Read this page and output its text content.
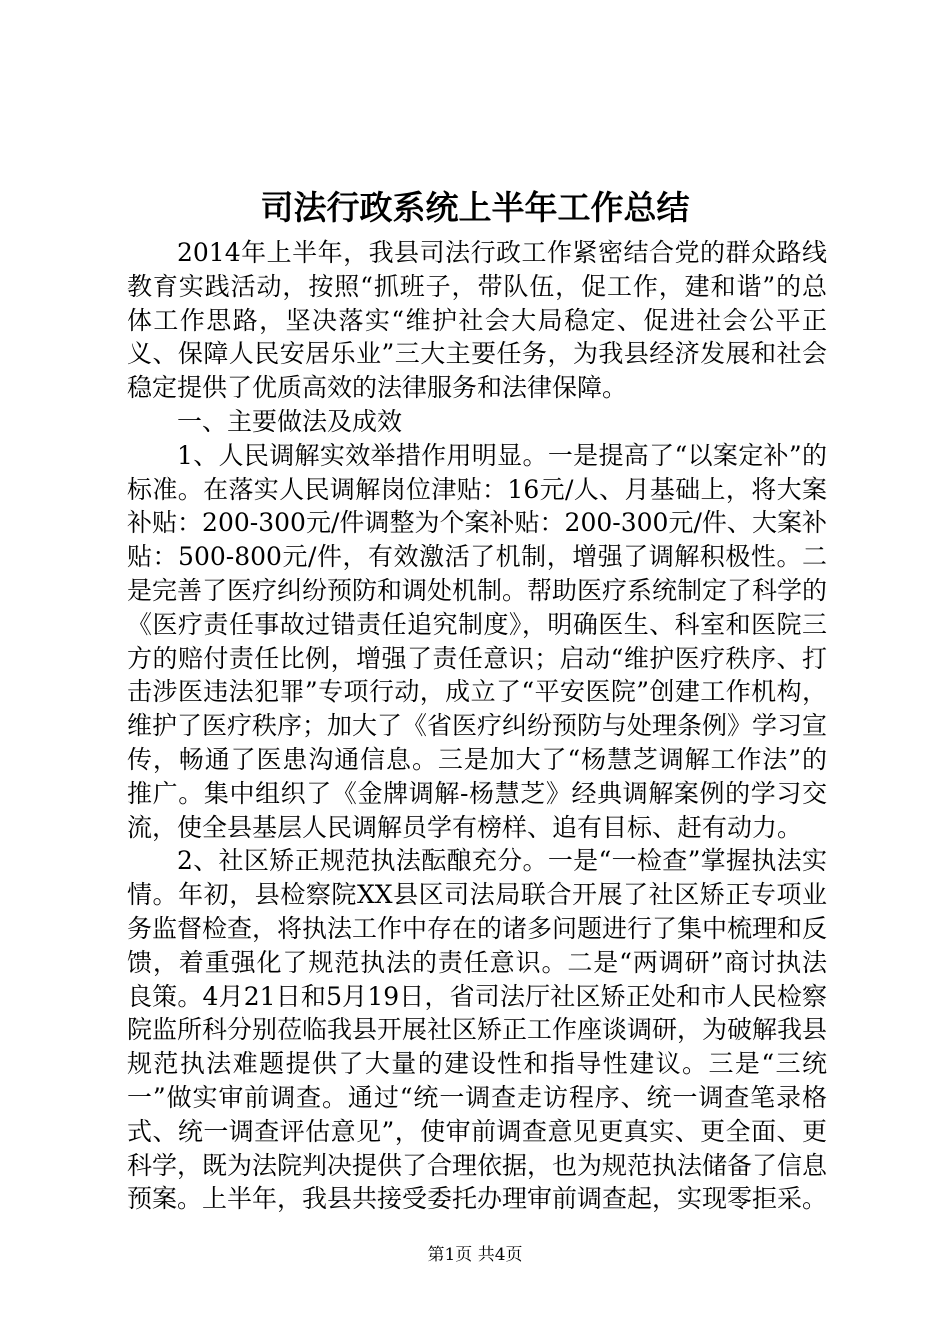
司法行政系统上半年工作总结

2014年上半年，我县司法行政工作紧密结合党的群众路线教育实践活动，按照“抓班子，带队伍，促工作，建和谐”的总体工作思路，坚决落实“维护社会大局稳定、促进社会公平正义、保障人民安居乐业”三大主要任务，为我县经济发展和社会稳定提供了优质高效的法律服务和法律保障。

一、主要做法及成效

1、人民调解实效举措作用明显。一是提高了“以案定补”的标准。在落实人民调解岗位津贴：16元/人、月基础上，将大案补贴：200-300元/件调整为个案补贴：200-300元/件、大案补贴：500-800元/件，有效激活了机制，增强了调解积极性。二是完善了医疗纠纷预防和调处机制。帮助医疗系统制定了科学的《医疗责任事故过错责任追究制度》，明确医生、科室和医院三方的赔付责任比例，增强了责任意识；启动“维护医疗秩序、打击涉医违法犯罪”专项行动，成立了“平安医院”创建工作机构，维护了医疗秩序；加大了《省医疗纠纷预防与处理条例》学习宣传，畅通了医患沟通信息。三是加大了“杨慧芝调解工作法”的推广。集中组织了《金牌调解-杨慧芝》经典调解案例的学习交流，使全县基层人民调解员学有榜样、追有目标、赶有动力。

2、社区矫正规范执法酝酿充分。一是“一检查”掌握执法实情。年初，县检察院XX县区司法局联合开展了社区矫正专项业务监督检查，将执法工作中存在的诸多问题进行了集中梳理和反馈，着重强化了规范执法的责任意识。二是“两调研”商讨执法良策。4月21日和5月19日，省司法厅社区矫正处和市人民检察院监所科分别莅临我县开展社区矫正工作座谈调研，为破解我县规范执法难题提供了大量的建设性和指导性建议。三是“三统一”做实审前调查。通过“统一调查走访程序、统一调查笔录格式、统一调查评估意见”，使审前调查意见更真实、更全面、更科学，既为法院判决提供了合理依据，也为规范执法储备了信息预案。上半年，我县共接受委托办理审前调查起，实现零拒采。

第1页 共4页
